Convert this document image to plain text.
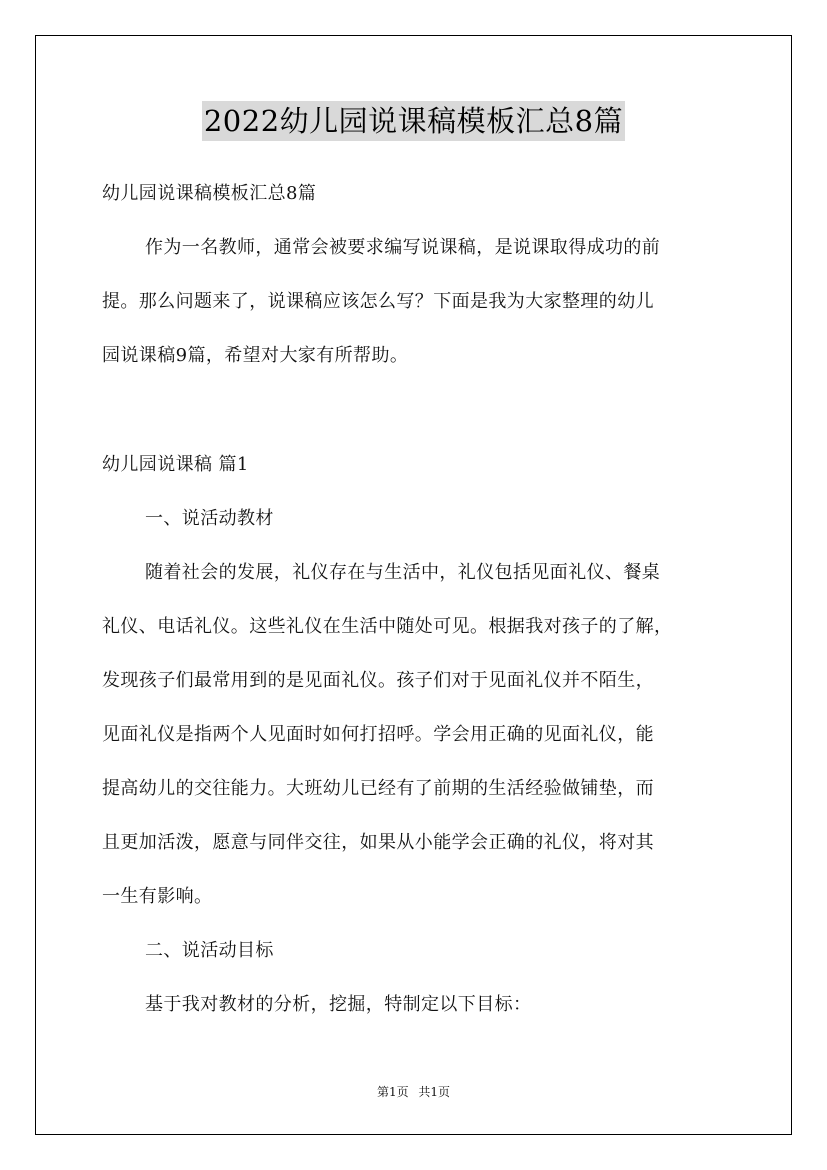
2022幼儿园说课稿模板汇总8篇
幼儿园说课稿模板汇总8篇
作为一名教师，通常会被要求编写说课稿，是说课取得成功的前
提。那么问题来了，说课稿应该怎么写？下面是我为大家整理的幼儿
园说课稿9篇，希望对大家有所帮助。
幼儿园说课稿 篇1
一、说活动教材
随着社会的发展，礼仪存在与生活中，礼仪包括见面礼仪、餐桌
礼仪、电话礼仪。这些礼仪在生活中随处可见。根据我对孩子的了解，
发现孩子们最常用到的是见面礼仪。孩子们对于见面礼仪并不陌生，
见面礼仪是指两个人见面时如何打招呼。学会用正确的见面礼仪，能
提高幼儿的交往能力。大班幼儿已经有了前期的生活经验做铺垫，而
且更加活泼，愿意与同伴交往，如果从小能学会正确的礼仪，将对其
一生有影响。
二、说活动目标
基于我对教材的分析，挖掘，特制定以下目标：
第1页 共1页
